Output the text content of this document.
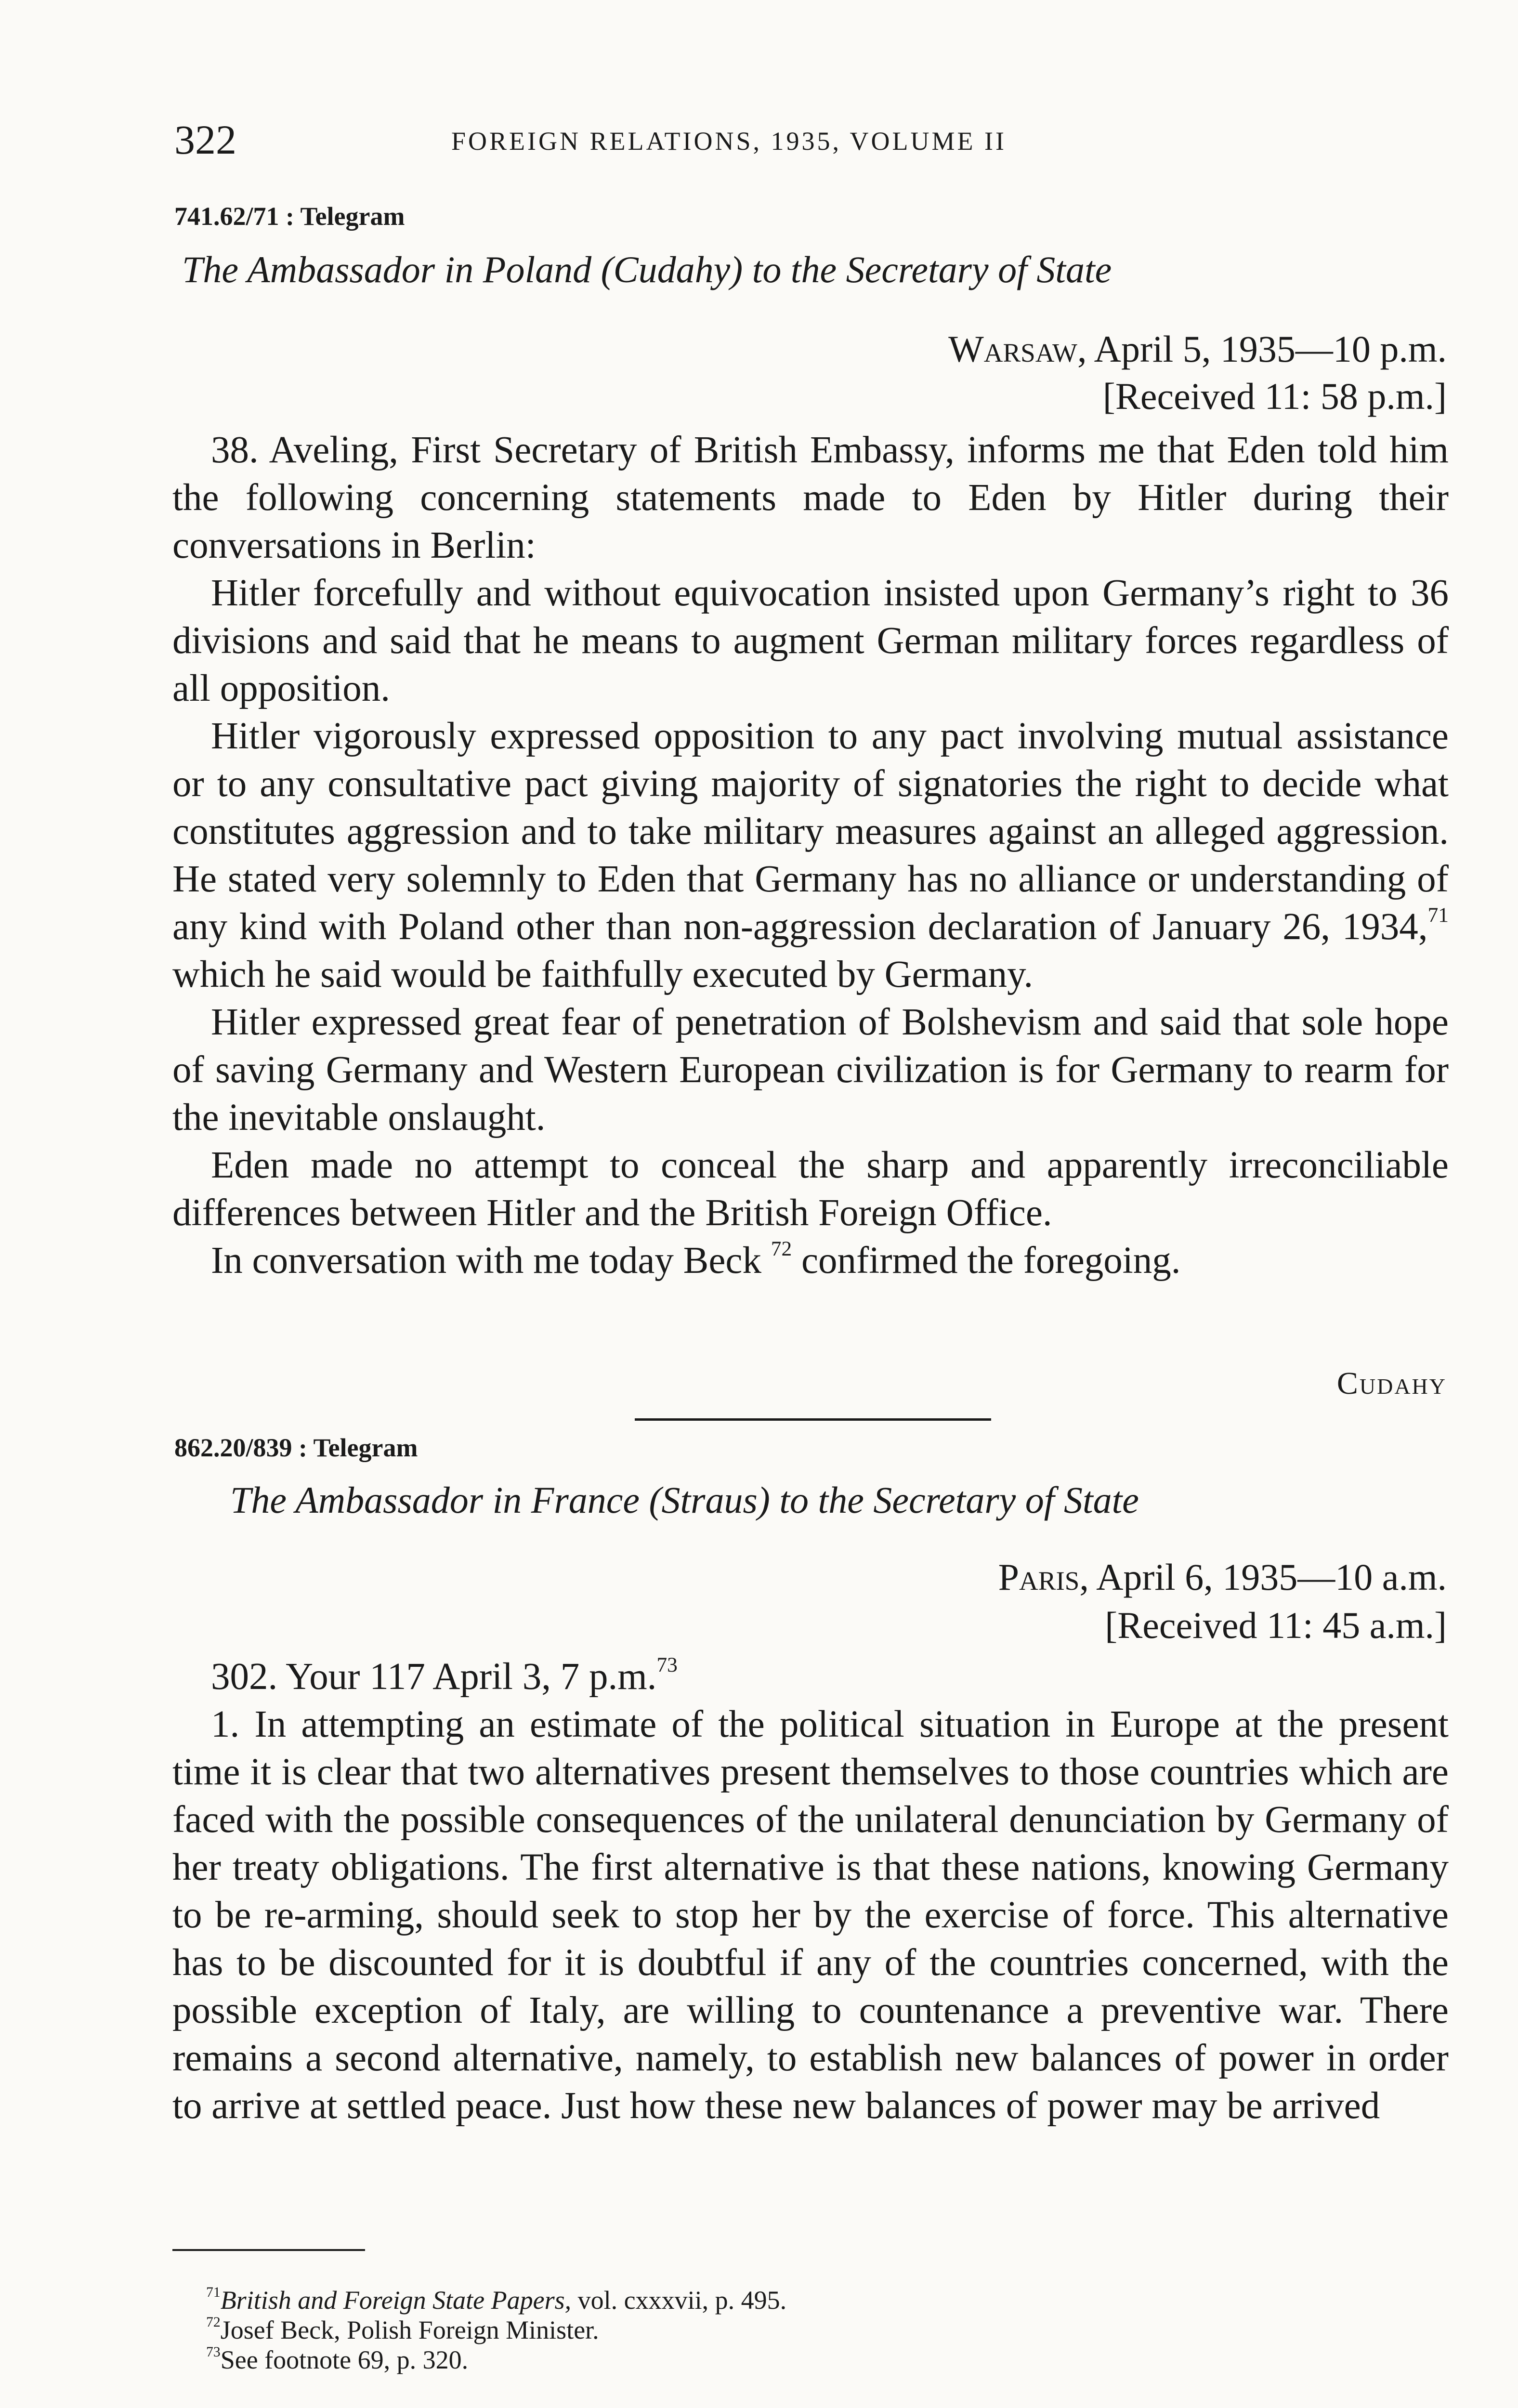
322	FOREIGN RELATIONS, 1935, VOLUME II
741.62/71 : Telegram
The Ambassador in Poland (Cudahy) to the Secretary of State
Warsaw, April 5, 1935—10 p.m.
[Received 11: 58 p.m.]

38. Aveling, First Secretary of British Embassy, informs me that Eden told him the following concerning statements made to Eden by Hitler during their conversations in Berlin:

Hitler forcefully and without equivocation insisted upon Germany’s right to 36 divisions and said that he means to augment German military forces regardless of all opposition.

Hitler vigorously expressed opposition to any pact involving mutual assistance or to any consultative pact giving majority of signatories the right to decide what constitutes aggression and to take military measures against an alleged aggression. He stated very solemnly to Eden that Germany has no alliance or understanding of any kind with Poland other than non-aggression declaration of January 26, 1934,71 which he said would be faithfully executed by Germany.

Hitler expressed great fear of penetration of Bolshevism and said that sole hope of saving Germany and Western European civilization is for Germany to rearm for the inevitable onslaught.

Eden made no attempt to conceal the sharp and apparently irreconciliable differences between Hitler and the British Foreign Office.

In conversation with me today Beck $^{72}$ confirmed the foregoing.

Cudahy
862.20/839 : Telegram
The Ambassador in France (Straus) to the Secretary of State
Paris, April 6, 1935—10 a.m.
[Received 11: 45 a.m.]

302. Your 117 April 3, 7 p.m.$^{73}$

1. In attempting an estimate of the political situation in Europe at the present time it is clear that two alternatives present themselves to those countries which are faced with the possible consequences of the unilateral denunciation by Germany of her treaty obligations. The first alternative is that these nations, knowing Germany to be re-arming, should seek to stop her by the exercise of force. This alternative has to be discounted for it is doubtful if any of the countries concerned, with the possible exception of Italy, are willing to countenance a preventive war. There remains a second alternative, namely, to establish new balances of power in order to arrive at settled peace. Just how these new balances of power may be arrived

$^{71}$British and Foreign State Papers, vol. cxxxvii, p. 495.
$^{72}$Josef Beck, Polish Foreign Minister.
$^{73}$See footnote 69, p. 320.
